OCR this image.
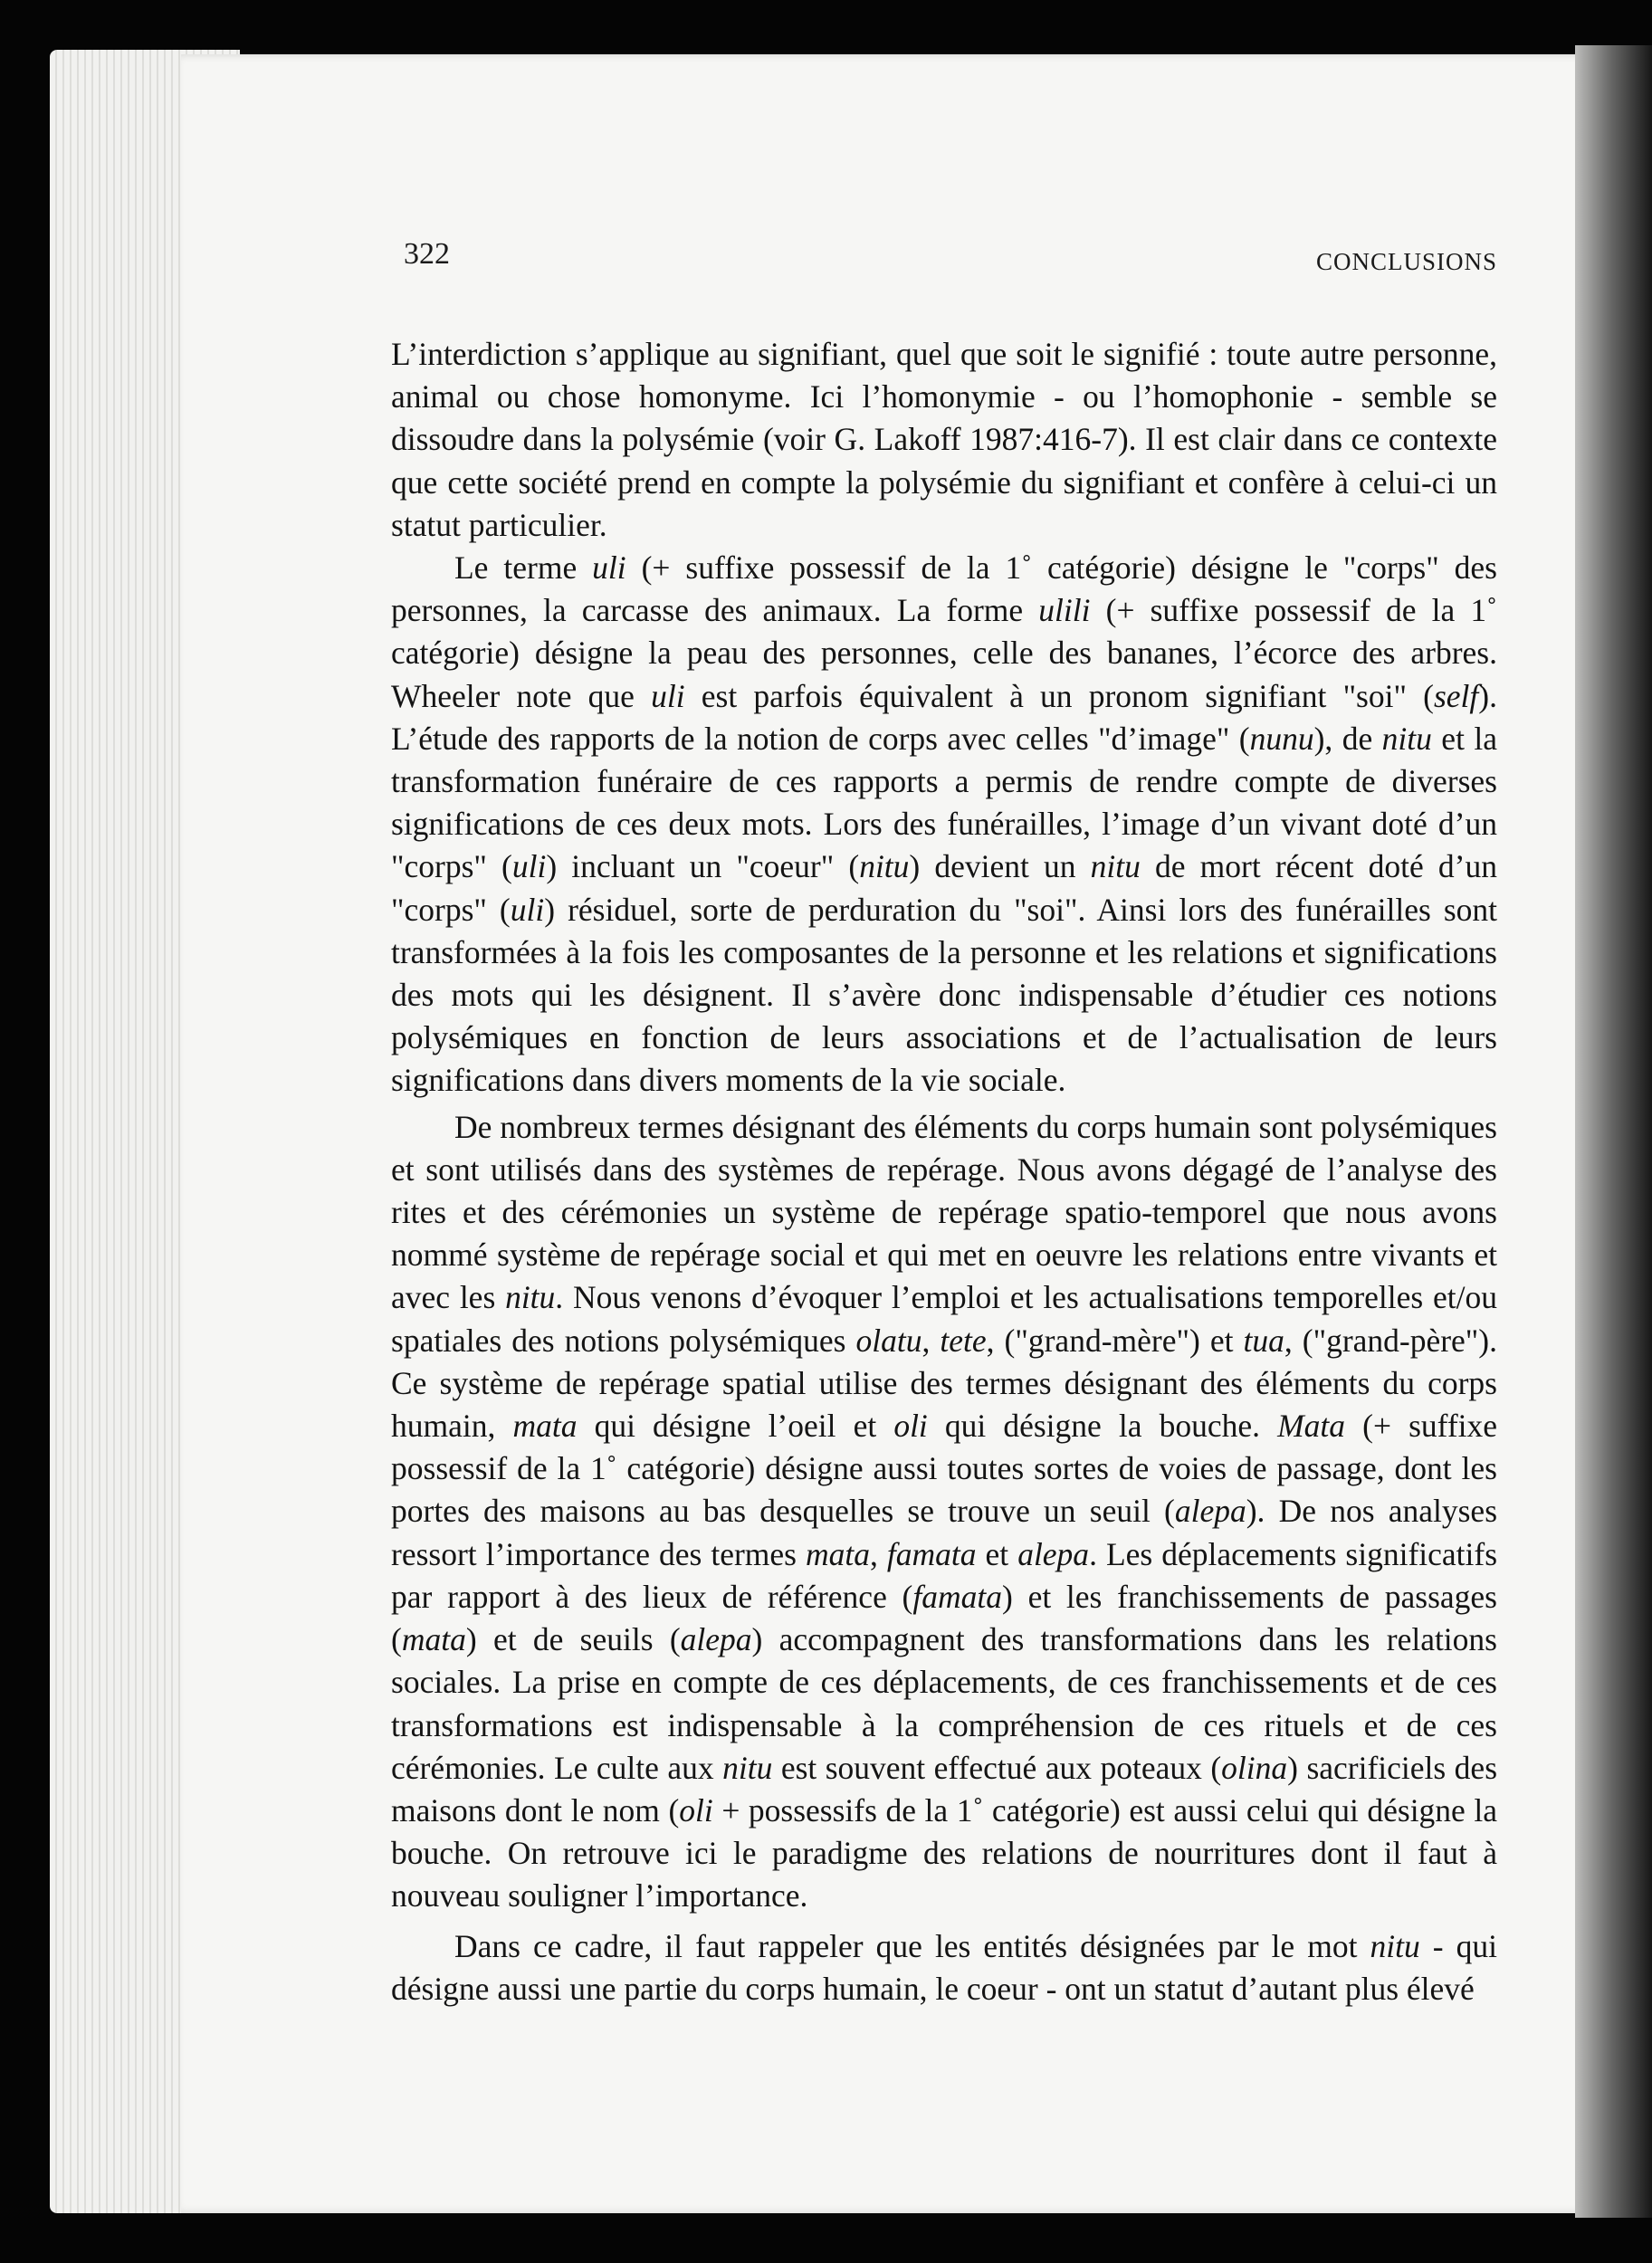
322	CONCLUSIONS

L’interdiction s’applique au signifiant, quel que soit le signifié : toute autre personne, animal ou chose homonyme. Ici l’homonymie - ou l’homophonie - semble se dissoudre dans la polysémie (voir G. Lakoff 1987:416-7). Il est clair dans ce contexte que cette société prend en compte la polysémie du signifiant et confère à celui-ci un statut particulier.

Le terme uli (+ suffixe possessif de la 1˚ catégorie) désigne le "corps" des personnes, la carcasse des animaux. La forme ulili (+ suffixe possessif de la 1˚ catégorie) désigne la peau des personnes, celle des bananes, l’écorce des arbres. Wheeler note que uli est parfois équivalent à un pronom signifiant "soi" (self). L’étude des rapports de la notion de corps avec celles "d’image" (nunu), de nitu et la transformation funéraire de ces rapports a permis de rendre compte de diverses significations de ces deux mots. Lors des funérailles, l’image d’un vivant doté d’un "corps" (uli) incluant un "coeur" (nitu) devient un nitu de mort récent doté d’un "corps" (uli) résiduel, sorte de perduration du "soi". Ainsi lors des funérailles sont transformées à la fois les composantes de la personne et les relations et significations des mots qui les désignent. Il s’avère donc indispensable d’étudier ces notions polysémiques en fonction de leurs associations et de l’actualisation de leurs significations dans divers moments de la vie sociale.

De nombreux termes désignant des éléments du corps humain sont polysémiques et sont utilisés dans des systèmes de repérage. Nous avons dégagé de l’analyse des rites et des cérémonies un système de repérage spatio-temporel que nous avons nommé système de repérage social et qui met en oeuvre les relations entre vivants et avec les nitu. Nous venons d’évoquer l’emploi et les actualisations temporelles et/ou spatiales des notions polysémiques olatu, tete, ("grand-mère") et tua, ("grand-père"). Ce système de repérage spatial utilise des termes désignant des éléments du corps humain, mata qui désigne l’oeil et oli qui désigne la bouche. Mata (+ suffixe possessif de la 1˚ catégorie) désigne aussi toutes sortes de voies de passage, dont les portes des maisons au bas desquelles se trouve un seuil (alepa). De nos analyses ressort l’importance des termes mata, famata et alepa. Les déplacements significatifs par rapport à des lieux de référence (famata) et les franchissements de passages (mata) et de seuils (alepa) accompagnent des transformations dans les relations sociales. La prise en compte de ces déplacements, de ces franchissements et de ces transformations est indispensable à la compréhension de ces rituels et de ces cérémonies. Le culte aux nitu est souvent effectué aux poteaux (olina) sacrificiels des maisons dont le nom (oli + possessifs de la 1˚ catégorie) est aussi celui qui désigne la bouche. On retrouve ici le paradigme des relations de nourritures dont il faut à nouveau souligner l’importance.

Dans ce cadre, il faut rappeler que les entités désignées par le mot nitu - qui désigne aussi une partie du corps humain, le coeur - ont un statut d’autant plus élevé
